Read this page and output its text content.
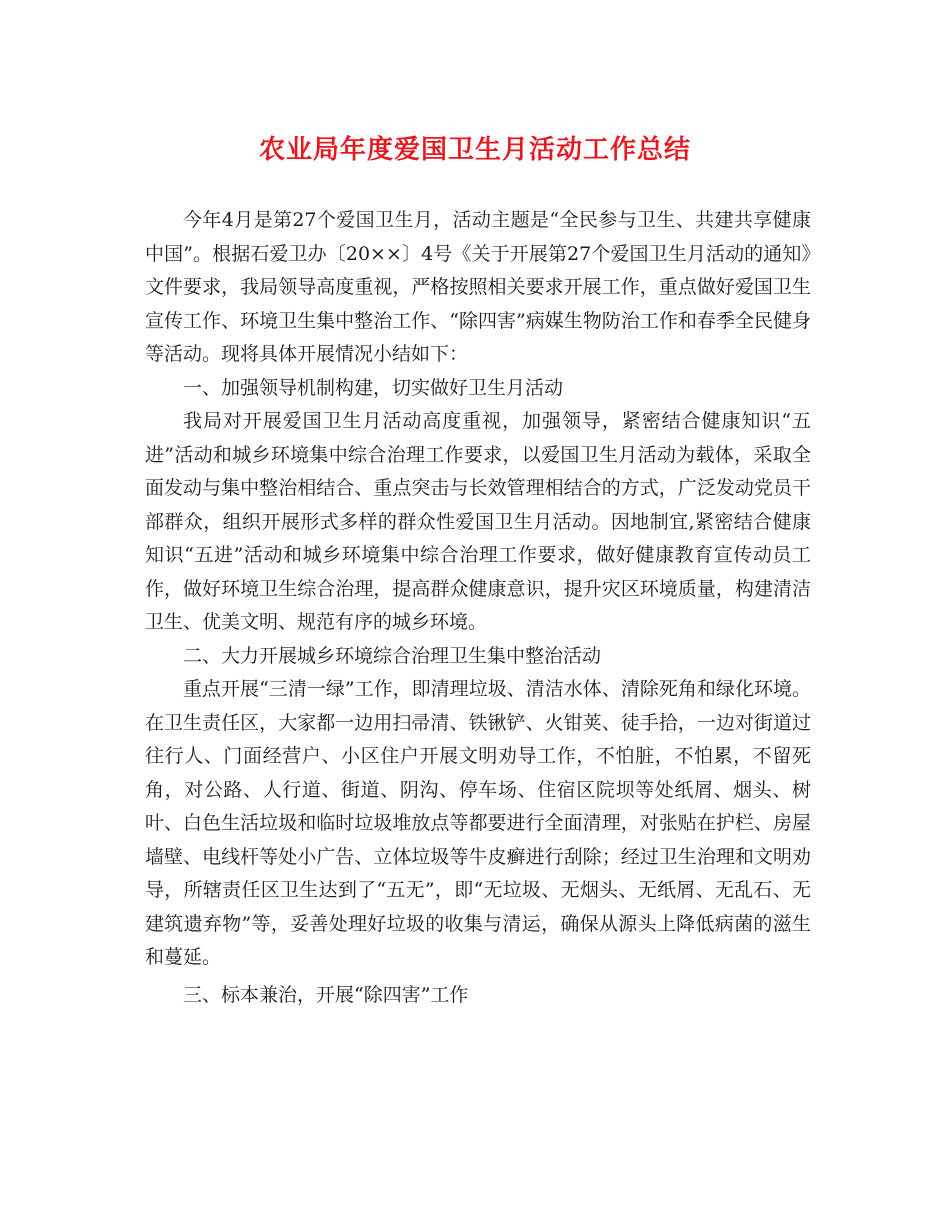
农业局年度爱国卫生月活动工作总结

今年4月是第27个爱国卫生月，活动主题是“全民参与卫生、共建共享健康中国”。根据石爱卫办〔20××〕4号《关于开展第27个爱国卫生月活动的通知》文件要求，我局领导高度重视，严格按照相关要求开展工作，重点做好爱国卫生宣传工作、环境卫生集中整治工作、“除四害”病媒生物防治工作和春季全民健身等活动。现将具体开展情况小结如下：

一、加强领导机制构建，切实做好卫生月活动

我局对开展爱国卫生月活动高度重视，加强领导，紧密结合健康知识“五进”活动和城乡环境集中综合治理工作要求，以爱国卫生月活动为载体，采取全面发动与集中整治相结合、重点突击与长效管理相结合的方式，广泛发动党员干部群众，组织开展形式多样的群众性爱国卫生月活动。因地制宜,紧密结合健康知识“五进”活动和城乡环境集中综合治理工作要求，做好健康教育宣传动员工作，做好环境卫生综合治理，提高群众健康意识，提升灾区环境质量，构建清洁卫生、优美文明、规范有序的城乡环境。

二、大力开展城乡环境综合治理卫生集中整治活动

重点开展“三清一绿”工作，即清理垃圾、清洁水体、清除死角和绿化环境。在卫生责任区，大家都一边用扫帚清、铁锹铲、火钳荚、徒手拾，一边对街道过往行人、门面经营户、小区住户开展文明劝导工作，不怕脏，不怕累，不留死角，对公路、人行道、街道、阴沟、停车场、住宿区院坝等处纸屑、烟头、树叶、白色生活垃圾和临时垃圾堆放点等都要进行全面清理，对张贴在护栏、房屋墙壁、电线杆等处小广告、立体垃圾等牛皮癣进行刮除；经过卫生治理和文明劝导，所辖责任区卫生达到了“五无”，即“无垃圾、无烟头、无纸屑、无乱石、无建筑遗弃物”等，妥善处理好垃圾的收集与清运，确保从源头上降低病菌的滋生和蔓延。

三、标本兼治，开展“除四害”工作
